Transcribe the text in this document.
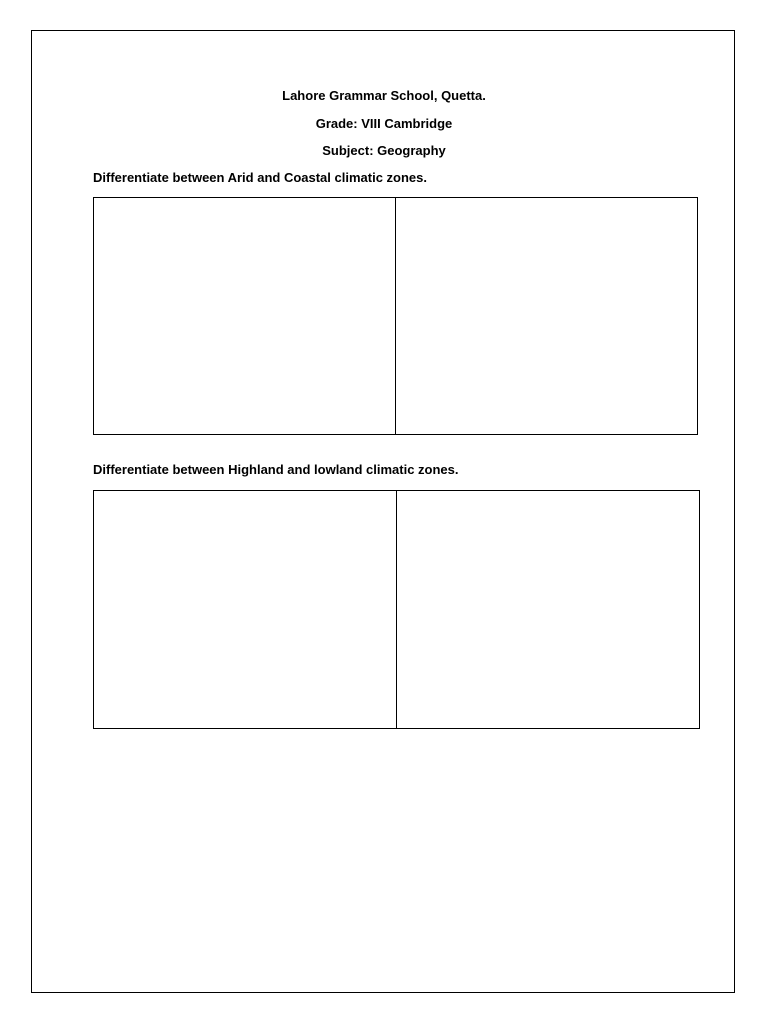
Lahore Grammar School, Quetta.
Grade: VIII Cambridge
Subject: Geography
Differentiate between Arid and Coastal climatic zones.

Differentiate between Highland and lowland climatic zones.
